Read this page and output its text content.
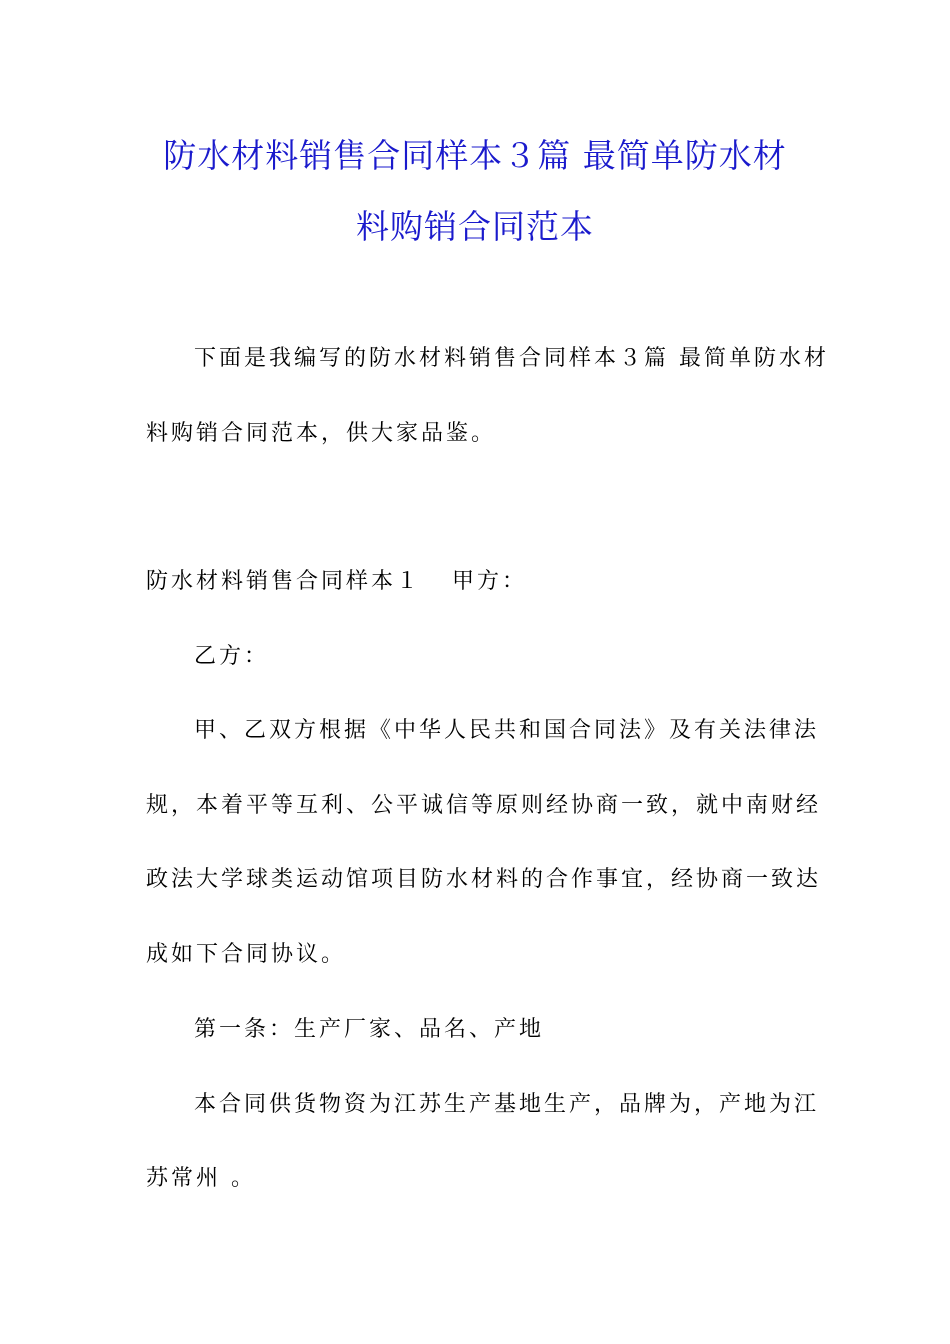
防水材料销售合同样本３篇 最简单防水材
料购销合同范本
下面是我编写的防水材料销售合同样本３篇 最简单防水材
料购销合同范本，供大家品鉴。
防水材料销售合同样本１ 甲方：
乙方：
甲、乙双方根据《中华人民共和国合同法》及有关法律法
规，本着平等互利、公平诚信等原则经协商一致，就中南财经
政法大学球类运动馆项目防水材料的合作事宜，经协商一致达
成如下合同协议。
第一条：生产厂家、品名、产地
本合同供货物资为江苏生产基地生产，品牌为，产地为江
苏常州 。
